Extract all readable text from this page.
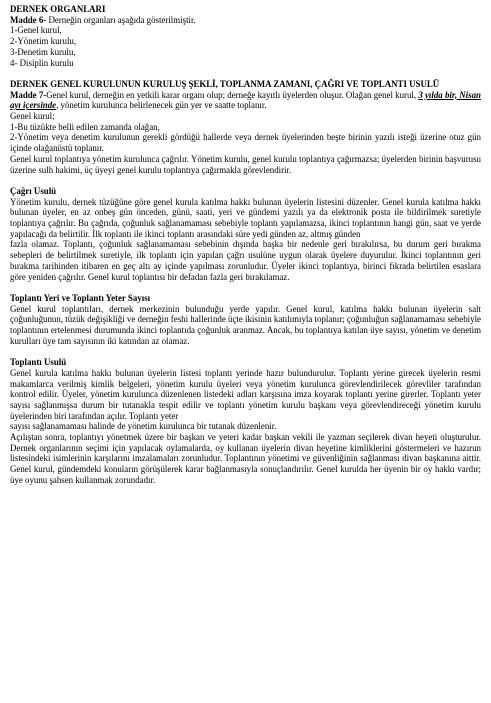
DERNEK ORGANLARI
Madde 6- Derneğin organları aşağıda gösterilmiştir.
1-Genel kurul,
2-Yönetim kurulu,
3-Denetim kurulu,
4- Disiplin kurulu
DERNEK GENEL KURULUNUN KURULUŞ ŞEKLİ, TOPLANMA ZAMANI, ÇAĞRI VE TOPLANTI USULÜ
Madde 7-Genel kurul, derneğin en yetkili karar organı olup; derneğe kayıtlı üyelerden oluşur. Olağan genel kurul, 3 yılda bir, Nisan ayı içersinde, yönetim kurulunca belirlenecek gün yer ve saatte toplanır.
Genel kurul;
1-Bu tüzükte belli edilen zamanda olağan,
2-Yönetim veya denetim kurulunun gerekli gördüğü hallerde veya dernek üyelerinden beşte birinin yazılı isteği üzerine otuz gün içinde olağanüstü toplanır.
Genel kurul toplantıya yönetim kurulunca çağrılır. Yönetim kurulu, genel kurulu toplantıya çağırmazsa; üyelerden birinin başvurusu üzerine sulh hakimi, üç üyeyi genel kurulu toplantıya çağırmakla görevlendirir.
Çağrı Usulü
Yönetim kurulu, dernek tüzüğüne göre genel kurula katılma hakkı bulunan üyelerin listesini düzenler. Genel kurula katılma hakkı bulunan üyeler, en az onbeş gün önceden, günü, saati, yeri ve gündemi yazılı ya da elektronik posta ile bildirilmek suretiyle toplantıya çağrılır. Bu çağrıda, çoğunluk sağlanamaması sebebiyle toplantı yapılamazsa, ikinci toplantının hangi gün, saat ve yerde yapılacağı da belirtilir. İlk toplantı ile ikinci toplantı arasındaki süre yedi günden az, altmış günden
fazla olamaz. Toplantı, çoğunluk sağlanamaması sebebinin dışında başka bir nedenle geri bırakılırsa, bu durum geri bırakma sebepleri de belirtilmek suretiyle, ilk toplantı için yapılan çağrı usulüne uygun olarak üyelere duyurulur. İkinci toplantının geri bırakma tarihinden itibaren en geç altı ay içinde yapılması zorunludur. Üyeler ikinci toplantıya, birinci fıkrada belirtilen esaslara göre yeniden çağrılır. Genel kurul toplantısı bir defadan fazla geri bırakılamaz.
Toplantı Yeri ve Toplantı Yeter Sayısı
Genel kurul toplantıları, dernek merkezinin bulunduğu yerde yapılır. Genel kurul, katılma hakkı bulunan üyelerin salt çoğunluğunun, tüzük değişikliği ve derneğin feshi hallerinde üçte ikisinin katılımıyla toplanır; çoğunluğun sağlanamaması sebebiyle toplantının ertelenmesi durumunda ikinci toplantıda çoğunluk aranmaz. Ancak, bu toplantıya katılan üye sayısı, yönetim ve denetim kurulları üye tam sayısının iki katından az olamaz.
Toplantı Usulü
Genel kurula katılma hakkı bulunan üyelerin listesi toplantı yerinde hazır bulundurulur. Toplantı yerine girecek üyelerin resmi makamlarca verilmiş kimlik belgeleri, yönetim kurulu üyeleri veya yönetim kurulunca görevlendirilecek görevliler tarafından kontrol edilir. Üyeler, yönetim kurulunca düzenlenen listedeki adları karşısına imza koyarak toplantı yerine girerler. Toplantı yeter sayısı sağlanmışsa durum bir tutanakla tespit edilir ve toplantı yönetim kurulu başkanı veya görevlendireceği yönetim kurulu üyelerinden biri tarafından açılır. Toplantı yeter
sayısı sağlanamaması halinde de yönetim kurulunca bir tutanak düzenlenir.
Açılıştan sonra, toplantıyı yönetmek üzere bir başkan ve yeteri kadar başkan vekili ile yazman seçilerek divan heyeti oluşturulur. Dernek organlarının seçimi için yapılacak oylamalarda, oy kullanan üyelerin divan heyetine kimliklerini göstermeleri ve hazırun listesindeki isimlerinin karşılarını imzalamaları zorunludur. Toplantının yönetimi ve güvenliğinin sağlanması divan başkanına aittir. Genel kurul, gündemdeki konuların görüşülerek karar bağlanmasıyla sonuçlandırılır. Genel kurulda her üyenin bir oy hakkı vardır; üye oyunu şahsen kullanmak zorundadır.
